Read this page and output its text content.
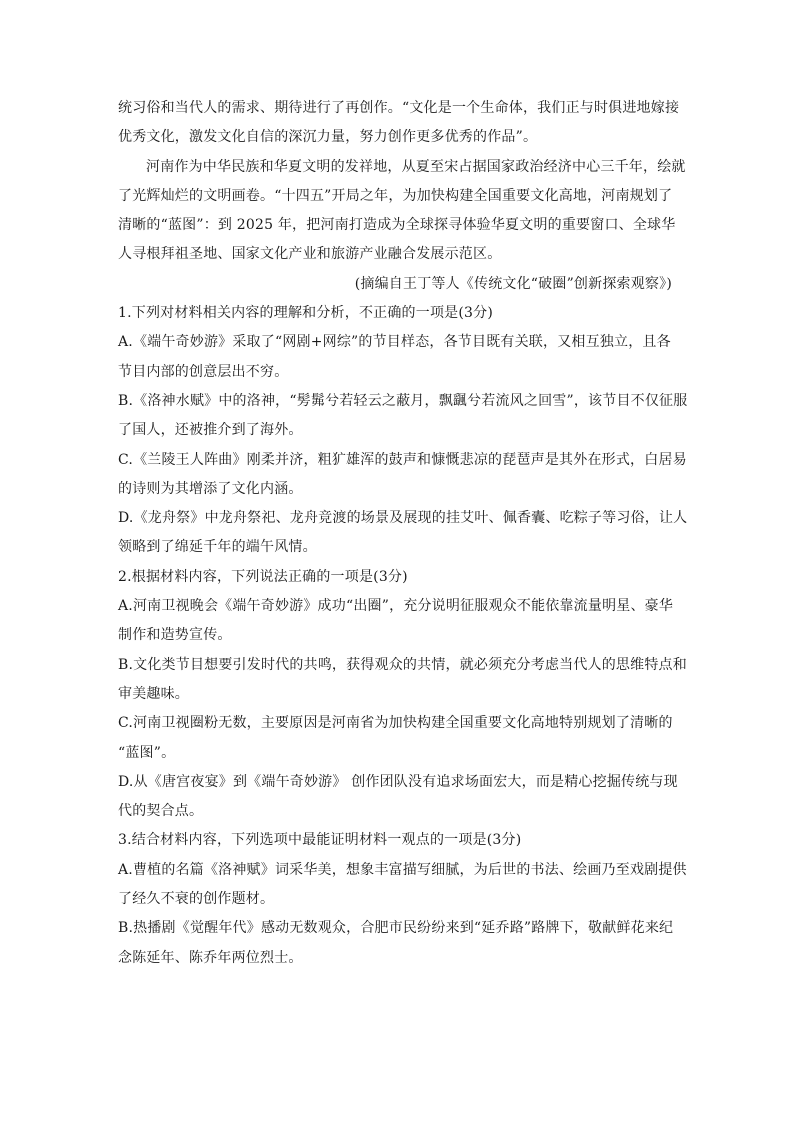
统习俗和当代人的需求、期待进行了再创作。“文化是一个生命体，我们正与时俱进地嫁接
优秀文化，激发文化自信的深沉力量，努力创作更多优秀的作品”。
河南作为中华民族和华夏文明的发祥地，从夏至宋占据国家政治经济中心三千年，绘就
了光辉灿烂的文明画卷。“十四五”开局之年，为加快构建全国重要文化高地，河南规划了
清晰的“蓝图”：到 2025 年，把河南打造成为全球探寻体验华夏文明的重要窗口、全球华
人寻根拜祖圣地、国家文化产业和旅游产业融合发展示范区。
(摘编自王丁等人《传统文化“破圈”创新探索观察》)
1.下列对材料相关内容的理解和分析，不正确的一项是(3分)
A.《端午奇妙游》采取了“网剧+网综”的节目样态，各节目既有关联，又相互独立，且各
节目内部的创意层出不穷。
B.《洛神水赋》中的洛神，“髣髴兮若轻云之蔽月，飘颻兮若流风之回雪”，该节目不仅征服
了国人，还被推介到了海外。
C.《兰陵王人阵曲》刚柔并济，粗犷雄浑的鼓声和慷慨悲凉的琵琶声是其外在形式，白居易
的诗则为其增添了文化内涵。
D.《龙舟祭》中龙舟祭祀、龙舟竞渡的场景及展现的挂艾叶、佩香囊、吃粽子等习俗，让人
领略到了绵延千年的端午风情。
2.根据材料内容，下列说法正确的一项是(3分)
A.河南卫视晚会《端午奇妙游》成功“出圈”，充分说明征服观众不能依靠流量明星、豪华
制作和造势宣传。
B.文化类节目想要引发时代的共鸣，获得观众的共情，就必须充分考虑当代人的思维特点和
审美趣味。
C.河南卫视圈粉无数，主要原因是河南省为加快构建全国重要文化高地特别规划了清晰的
“蓝图”。
D.从《唐宫夜宴》到《端午奇妙游》 创作团队没有追求场面宏大，而是精心挖掘传统与现
代的契合点。
3.结合材料内容，下列选项中最能证明材料一观点的一项是(3分)
A.曹植的名篇《洛神赋》词采华美，想象丰富描写细腻，为后世的书法、绘画乃至戏剧提供
了经久不衰的创作题材。
B.热播剧《觉醒年代》感动无数观众，合肥市民纷纷来到“延乔路”路牌下，敬献鲜花来纪
念陈延年、陈乔年两位烈士。
